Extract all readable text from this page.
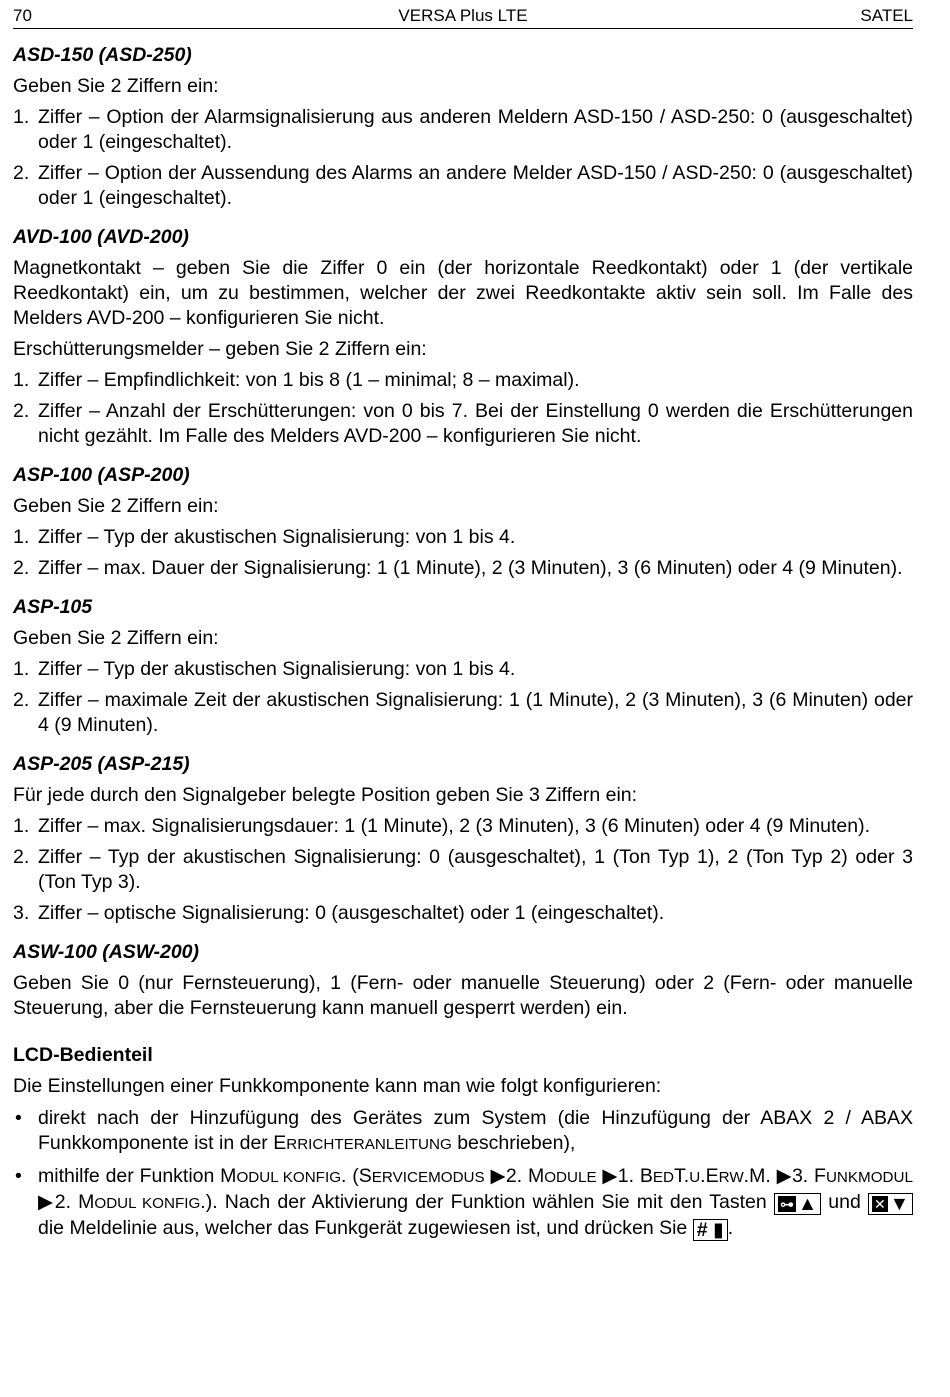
70	VERSA Plus LTE	SATEL

ASD-150 (ASD-250)

Geben Sie 2 Ziffern ein:

1. Ziffer – Option der Alarmsignalisierung aus anderen Meldern ASD-150 / ASD-250: 0 (ausgeschaltet) oder 1 (eingeschaltet).
2. Ziffer – Option der Aussendung des Alarms an andere Melder ASD-150 / ASD-250: 0 (ausgeschaltet) oder 1 (eingeschaltet).

AVD-100 (AVD-200)

Magnetkontakt – geben Sie die Ziffer 0 ein (der horizontale Reedkontakt) oder 1 (der vertikale Reedkontakt) ein, um zu bestimmen, welcher der zwei Reedkontakte aktiv sein soll. Im Falle des Melders AVD-200 – konfigurieren Sie nicht.

Erschütterungsmelder – geben Sie 2 Ziffern ein:

1. Ziffer – Empfindlichkeit: von 1 bis 8 (1 – minimal; 8 – maximal).
2. Ziffer – Anzahl der Erschütterungen: von 0 bis 7. Bei der Einstellung 0 werden die Erschütterungen nicht gezählt. Im Falle des Melders AVD-200 – konfigurieren Sie nicht.

ASP-100 (ASP-200)

Geben Sie 2 Ziffern ein:

1. Ziffer – Typ der akustischen Signalisierung: von 1 bis 4.
2. Ziffer – max. Dauer der Signalisierung: 1 (1 Minute), 2 (3 Minuten), 3 (6 Minuten) oder 4 (9 Minuten).

ASP-105

Geben Sie 2 Ziffern ein:

1. Ziffer – Typ der akustischen Signalisierung: von 1 bis 4.
2. Ziffer – maximale Zeit der akustischen Signalisierung: 1 (1 Minute), 2 (3 Minuten), 3 (6 Minuten) oder 4 (9 Minuten).

ASP-205 (ASP-215)

Für jede durch den Signalgeber belegte Position geben Sie 3 Ziffern ein:

1. Ziffer – max. Signalisierungsdauer: 1 (1 Minute), 2 (3 Minuten), 3 (6 Minuten) oder 4 (9 Minuten).
2. Ziffer – Typ der akustischen Signalisierung: 0 (ausgeschaltet), 1 (Ton Typ 1), 2 (Ton Typ 2) oder 3 (Ton Typ 3).
3. Ziffer – optische Signalisierung: 0 (ausgeschaltet) oder 1 (eingeschaltet).

ASW-100 (ASW-200)

Geben Sie 0 (nur Fernsteuerung), 1 (Fern- oder manuelle Steuerung) oder 2 (Fern- oder manuelle Steuerung, aber die Fernsteuerung kann manuell gesperrt werden) ein.

LCD-Bedienteil

Die Einstellungen einer Funkkomponente kann man wie folgt konfigurieren:

• direkt nach der Hinzufügung des Gerätes zum System (die Hinzufügung der ABAX 2 / ABAX Funkkomponente ist in der ERRICHTERANLEITUNG beschrieben),
• mithilfe der Funktion MODUL KONFIG. (SERVICEMODUS ▶2. MODULE ▶1. BEDT.U.ERW.M. ▶3. FUNKMODUL ▶2. MODUL KONFIG.). Nach der Aktivierung der Funktion wählen Sie mit den Tasten ⊶ ▲ und ✕ ▼ die Meldelinie aus, welcher das Funkgerät zugewiesen ist, und drücken Sie # ▮ .
